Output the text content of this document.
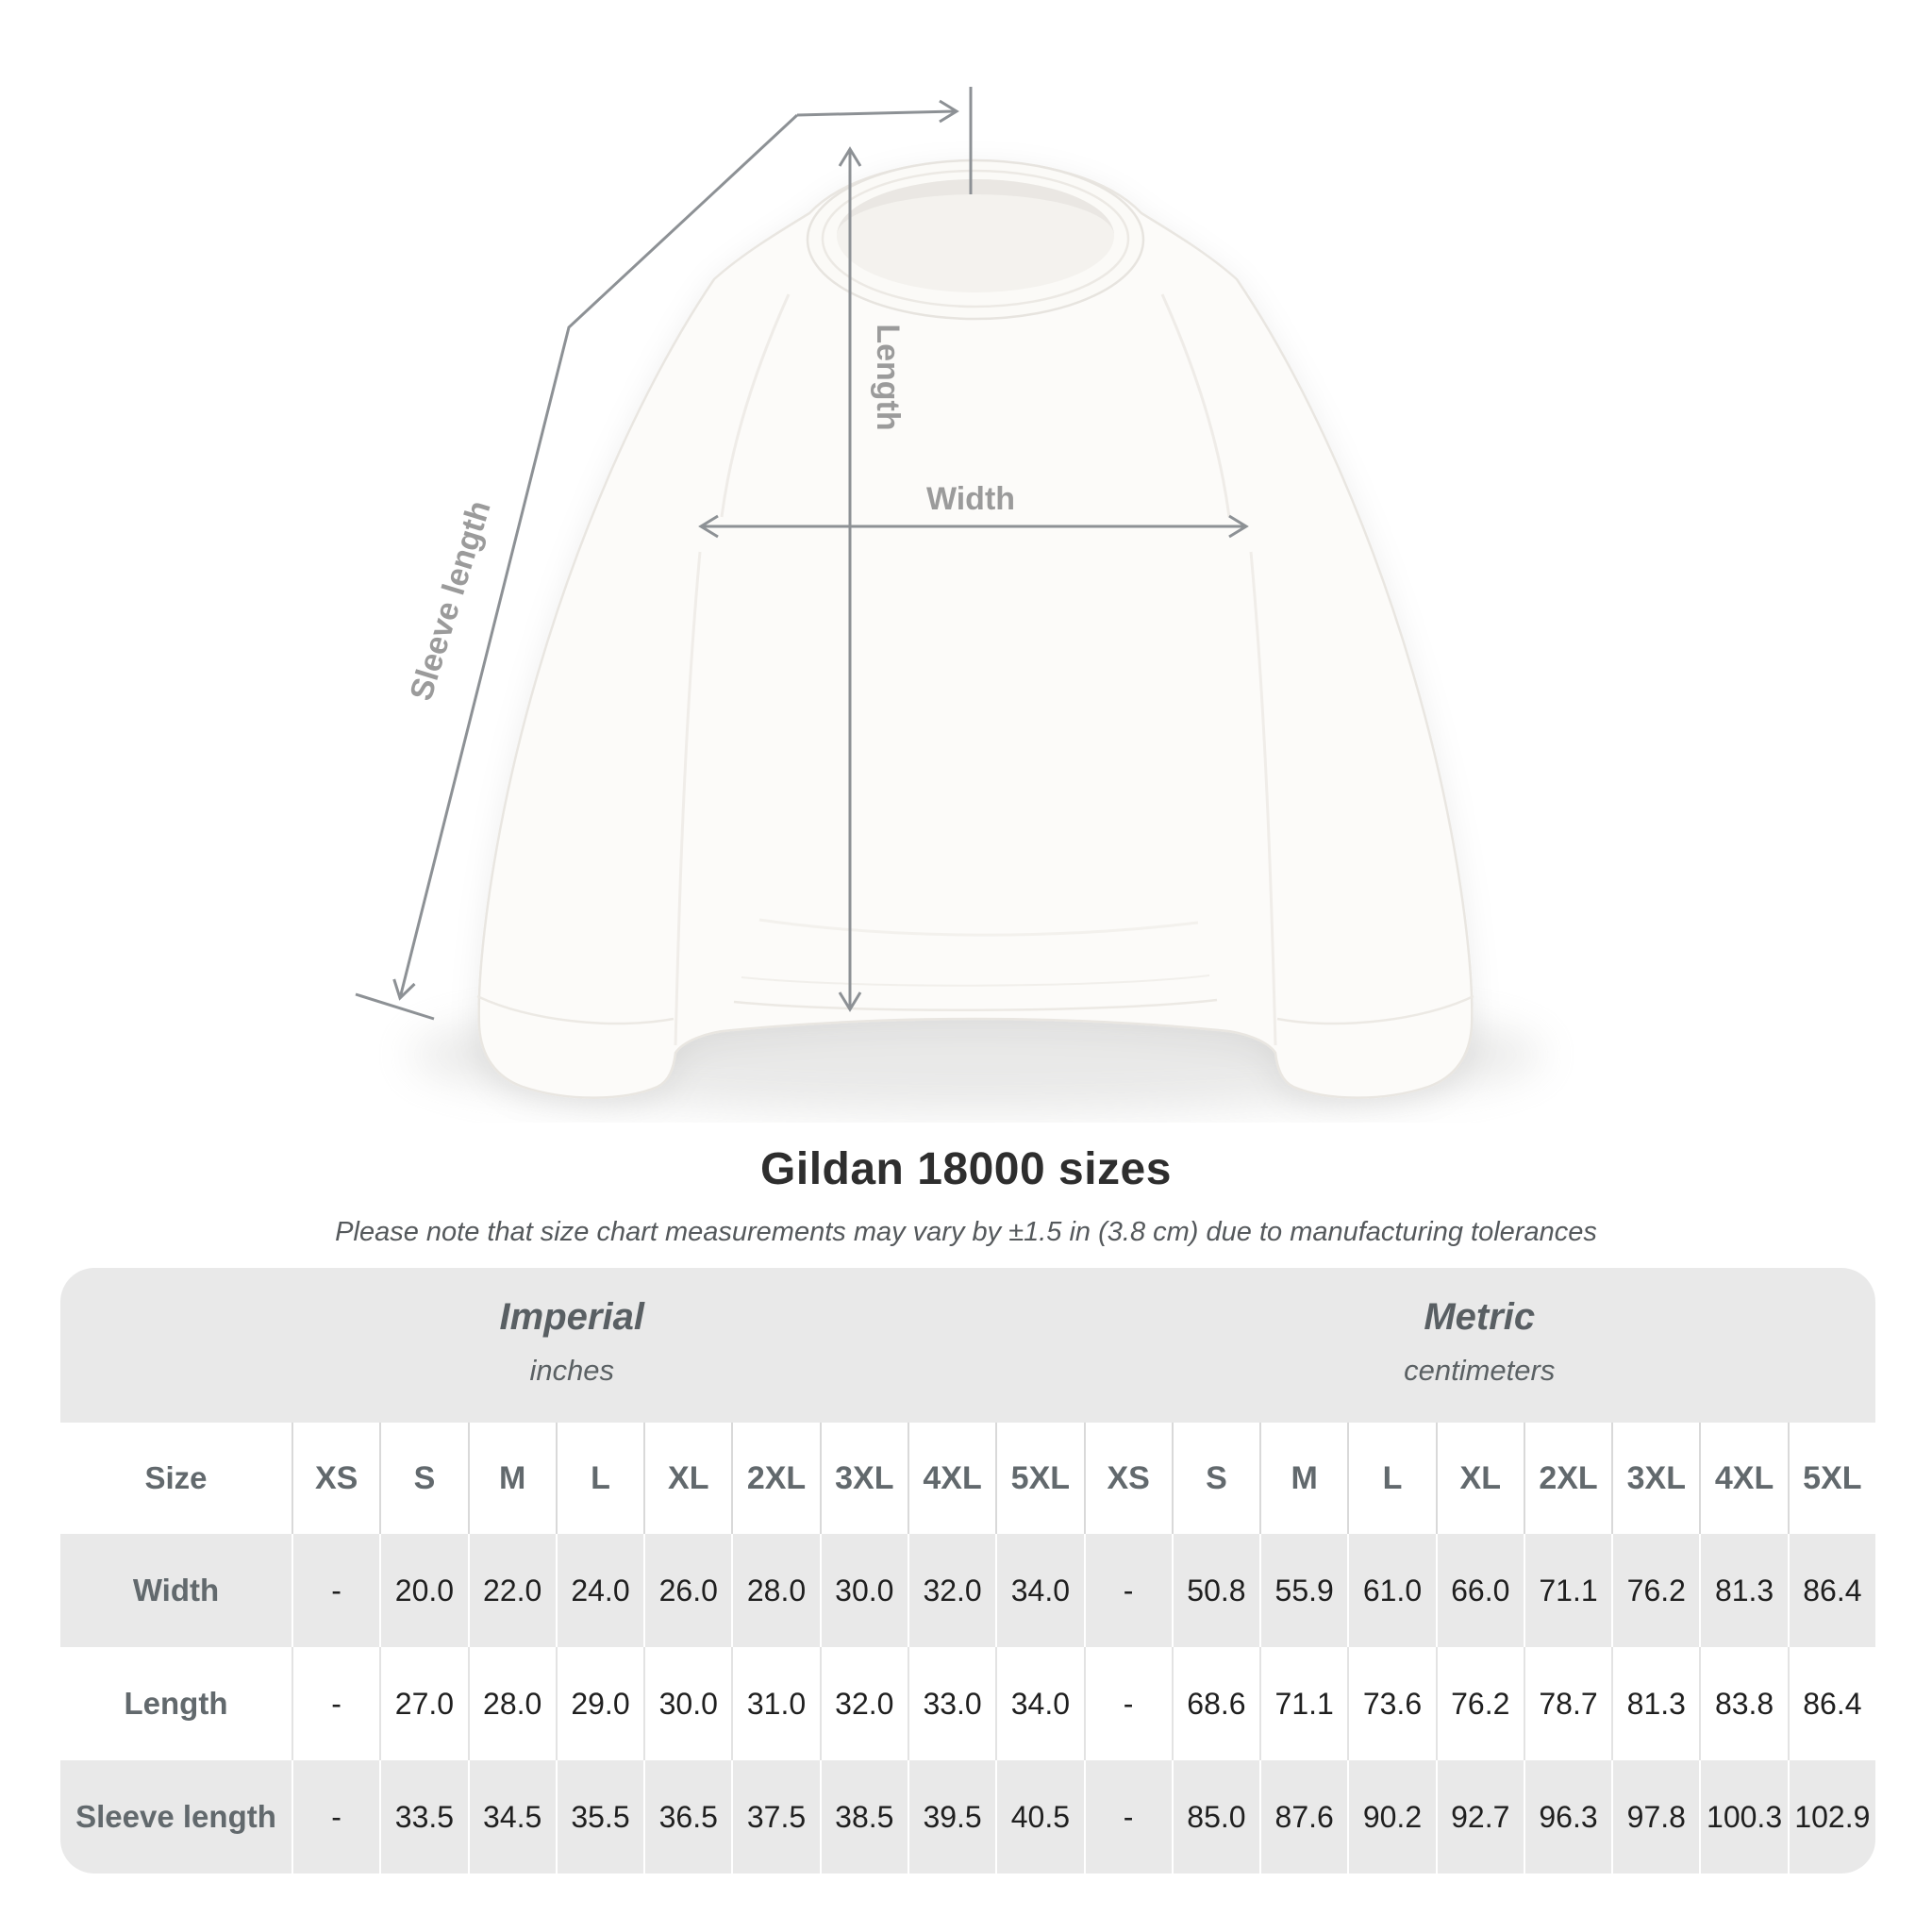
Width
Length
Sleeve length
Gildan 18000 sizes

Please note that size chart measurements may vary by ±1.5 in (3.8 cm) due to manufacturing tolerances

Imperial
inches
Metric
centimeters
Size	XS	S	M	L	XL	2XL 3XL 4XL 5XL	XS	S	M	L	XL	2XL 3XL 4XL 5XL
Width	-	20.0 22.0 24.0 26.0 28.0 30.0 32.0 34.0	-	50.8 55.9 61.0 66.0 71.1 76.2 81.3 86.4
Length	-	27.0 28.0 29.0 30.0 31.0 32.0 33.0 34.0	-	68.6 71.1 73.6 76.2 78.7 81.3 83.8 86.4
Sleeve length	-	33.5 34.5 35.5 36.5 37.5 38.5 39.5 40.5	-	85.0 87.6 90.2 92.7 96.3 97.8 100.3 102.9
